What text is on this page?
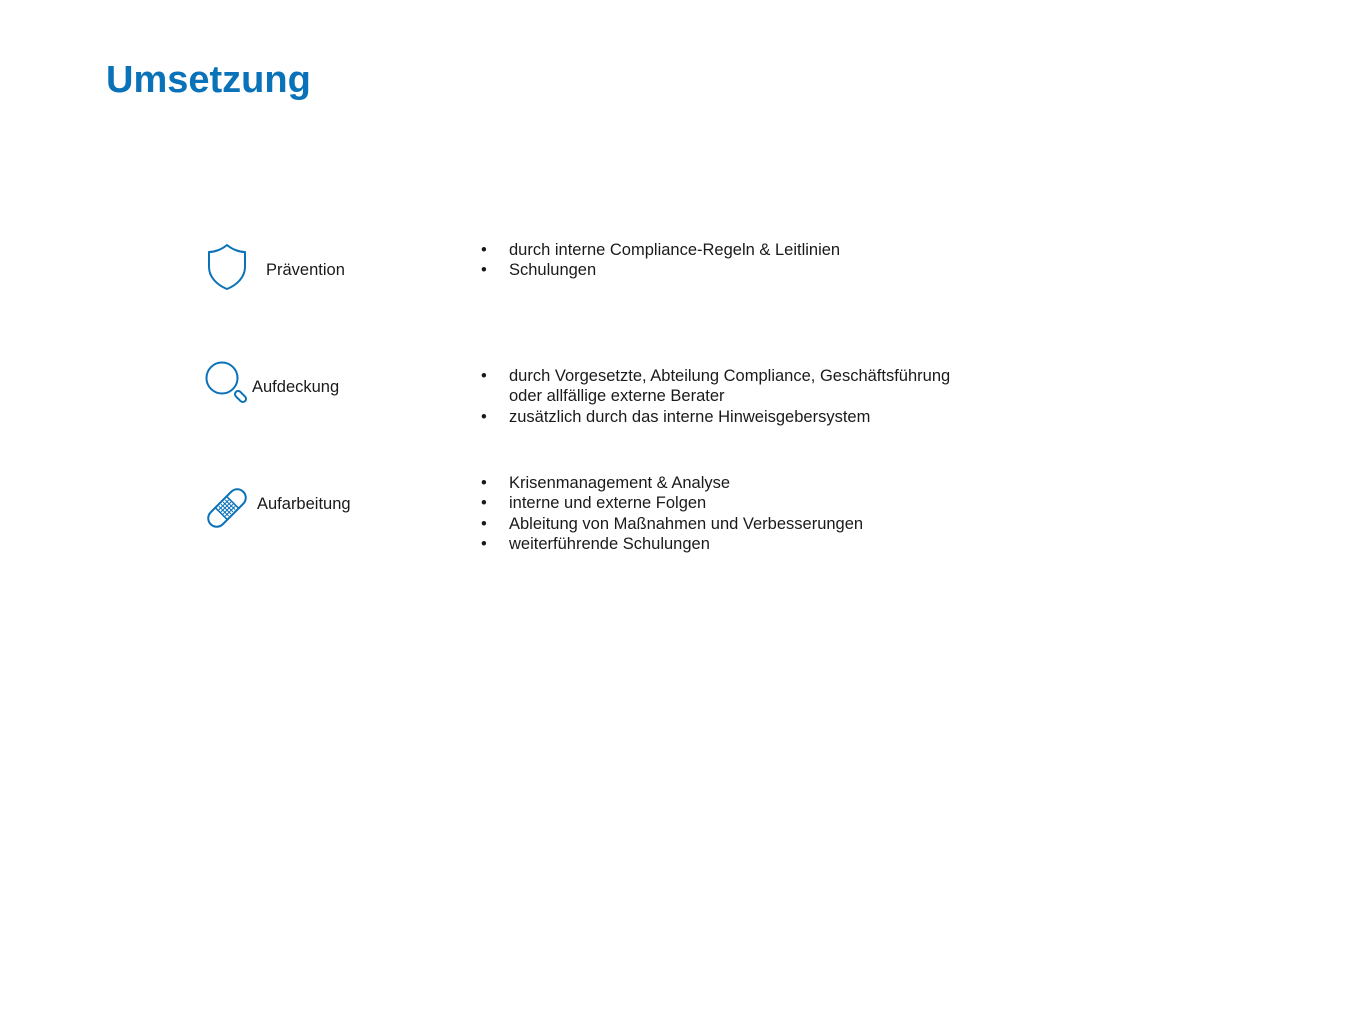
Umsetzung
Prävention
• durch interne Compliance-Regeln & Leitlinien
• Schulungen
Aufdeckung
• durch Vorgesetzte, Abteilung Compliance, Geschäftsführung
oder allfällige externe Berater
• zusätzlich durch das interne Hinweisgebersystem
Aufarbeitung
• Krisenmanagement & Analyse
• interne und externe Folgen
• Ableitung von Maßnahmen und Verbesserungen
• weiterführende Schulungen
